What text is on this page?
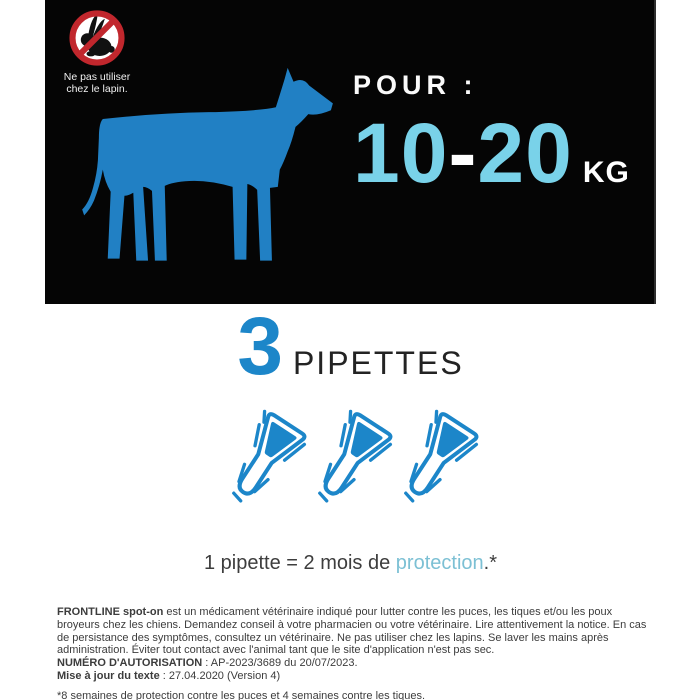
Ne pas utiliser
chez le lapin.	POUR :
10-20 KG
3 PIPETTES
1 pipette = 2 mois de protection.*

FRONTLINE spot-on est un médicament vétérinaire indiqué pour lutter contre les puces, les tiques et/ou les poux broyeurs chez les chiens. Demandez conseil à votre pharmacien ou votre vétérinaire. Lire attentivement la notice. En cas de persistance des symptômes, consultez un vétérinaire. Ne pas utiliser chez les lapins. Se laver les mains après administration. Éviter tout contact avec l'animal tant que le site d'application n'est pas sec.

NUMÉRO D'AUTORISATION : AP-2023/3689 du 20/07/2023.

Mise à jour du texte : 27.04.2020 (Version 4)

*8 semaines de protection contre les puces et 4 semaines contre les tiques.
